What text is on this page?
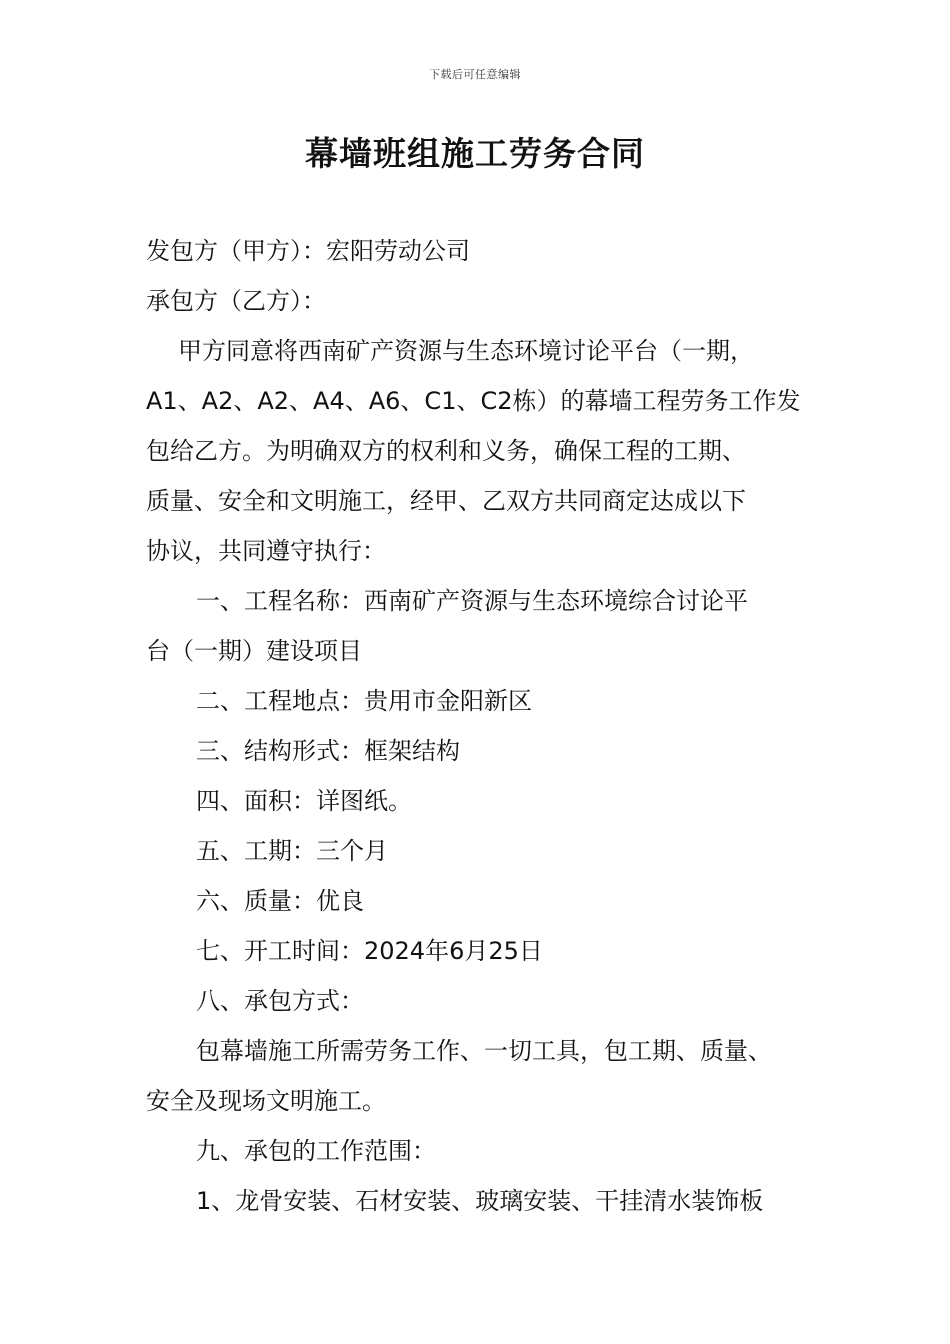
下载后可任意编辑
幕墙班组施工劳务合同

发包方（甲方）：宏阳劳动公司

承包方（乙方）：

甲方同意将西南矿产资源与生态环境讨论平台（一期，

A1、A2、A2、A4、A6、C1、C2栋）的幕墙工程劳务工作发

包给乙方。为明确双方的权利和义务，确保工程的工期、

质量、安全和文明施工，经甲、乙双方共同商定达成以下

协议，共同遵守执行：

一、工程名称：西南矿产资源与生态环境综合讨论平

台（一期）建设项目

二、工程地点：贵用市金阳新区

三、结构形式：框架结构

四、面积：详图纸。

五、工期：三个月

六、质量：优良

七、开工时间：2024年6月25日

八、承包方式：

包幕墙施工所需劳务工作、一切工具，包工期、质量、

安全及现场文明施工。

九、承包的工作范围：

1、龙骨安装、石材安装、玻璃安装、干挂清水装饰板
